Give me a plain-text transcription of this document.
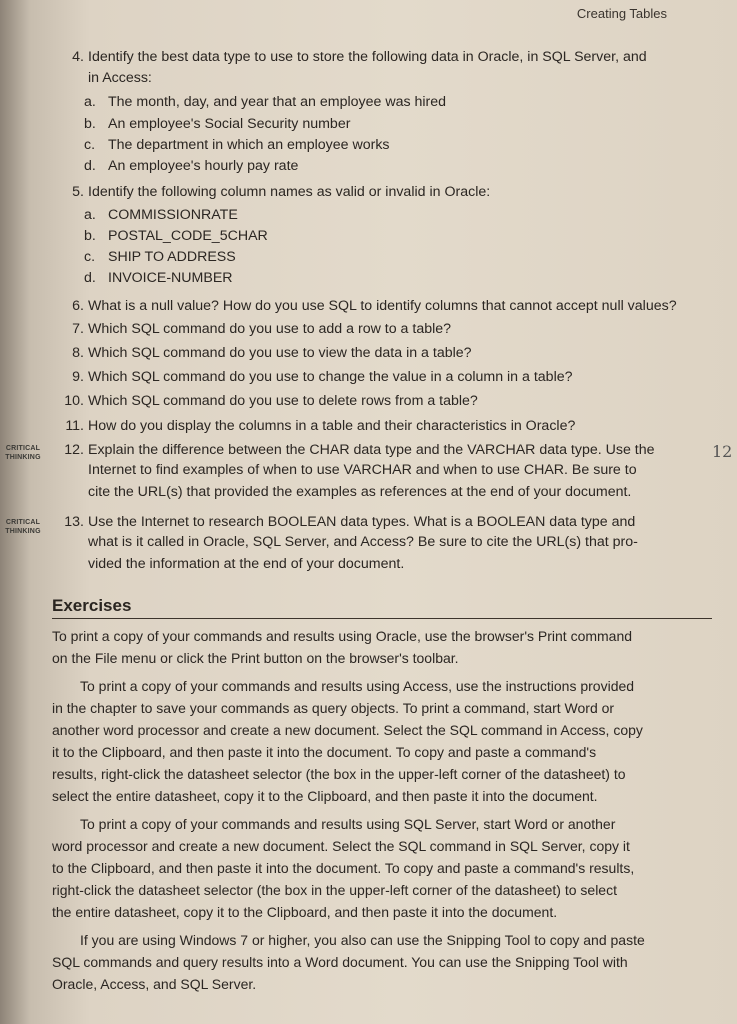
Creating Tables
4. Identify the best data type to use to store the following data in Oracle, in SQL Server, and
in Access:
a. The month, day, and year that an employee was hired
b. An employee's Social Security number
c. The department in which an employee works
d. An employee's hourly pay rate
5. Identify the following column names as valid or invalid in Oracle:
a. COMMISSIONRATE
b. POSTAL_CODE_5CHAR
c. SHIP TO ADDRESS
d. INVOICE-NUMBER
6. What is a null value? How do you use SQL to identify columns that cannot accept null values?
7. Which SQL command do you use to add a row to a table?
8. Which SQL command do you use to view the data in a table?
9. Which SQL command do you use to change the value in a column in a table?
10. Which SQL command do you use to delete rows from a table?
11. How do you display the columns in a table and their characteristics in Oracle?
CRITICAL
THINKING	12. Explain the difference between the CHAR data type and the VARCHAR data type. Use the
Internet to find examples of when to use VARCHAR and when to use CHAR. Be sure to
cite the URL(s) that provided the examples as references at the end of your document.
12
CRITICAL
THINKING
13. Use the Internet to research BOOLEAN data types. What is a BOOLEAN data type and
what is it called in Oracle, SQL Server, and Access? Be sure to cite the URL(s) that pro-
vided the information at the end of your document.
Exercises
To print a copy of your commands and results using Oracle, use the browser's Print command
on the File menu or click the Print button on the browser's toolbar.
To print a copy of your commands and results using Access, use the instructions provided
in the chapter to save your commands as query objects. To print a command, start Word or
another word processor and create a new document. Select the SQL command in Access, copy
it to the Clipboard, and then paste it into the document. To copy and paste a command's
results, right-click the datasheet selector (the box in the upper-left corner of the datasheet) to
select the entire datasheet, copy it to the Clipboard, and then paste it into the document.
To print a copy of your commands and results using SQL Server, start Word or another
word processor and create a new document. Select the SQL command in SQL Server, copy it
to the Clipboard, and then paste it into the document. To copy and paste a command's results,
right-click the datasheet selector (the box in the upper-left corner of the datasheet) to select
the entire datasheet, copy it to the Clipboard, and then paste it into the document.
If you are using Windows 7 or higher, you also can use the Snipping Tool to copy and paste
SQL commands and query results into a Word document. You can use the Snipping Tool with
Oracle, Access, and SQL Server.
